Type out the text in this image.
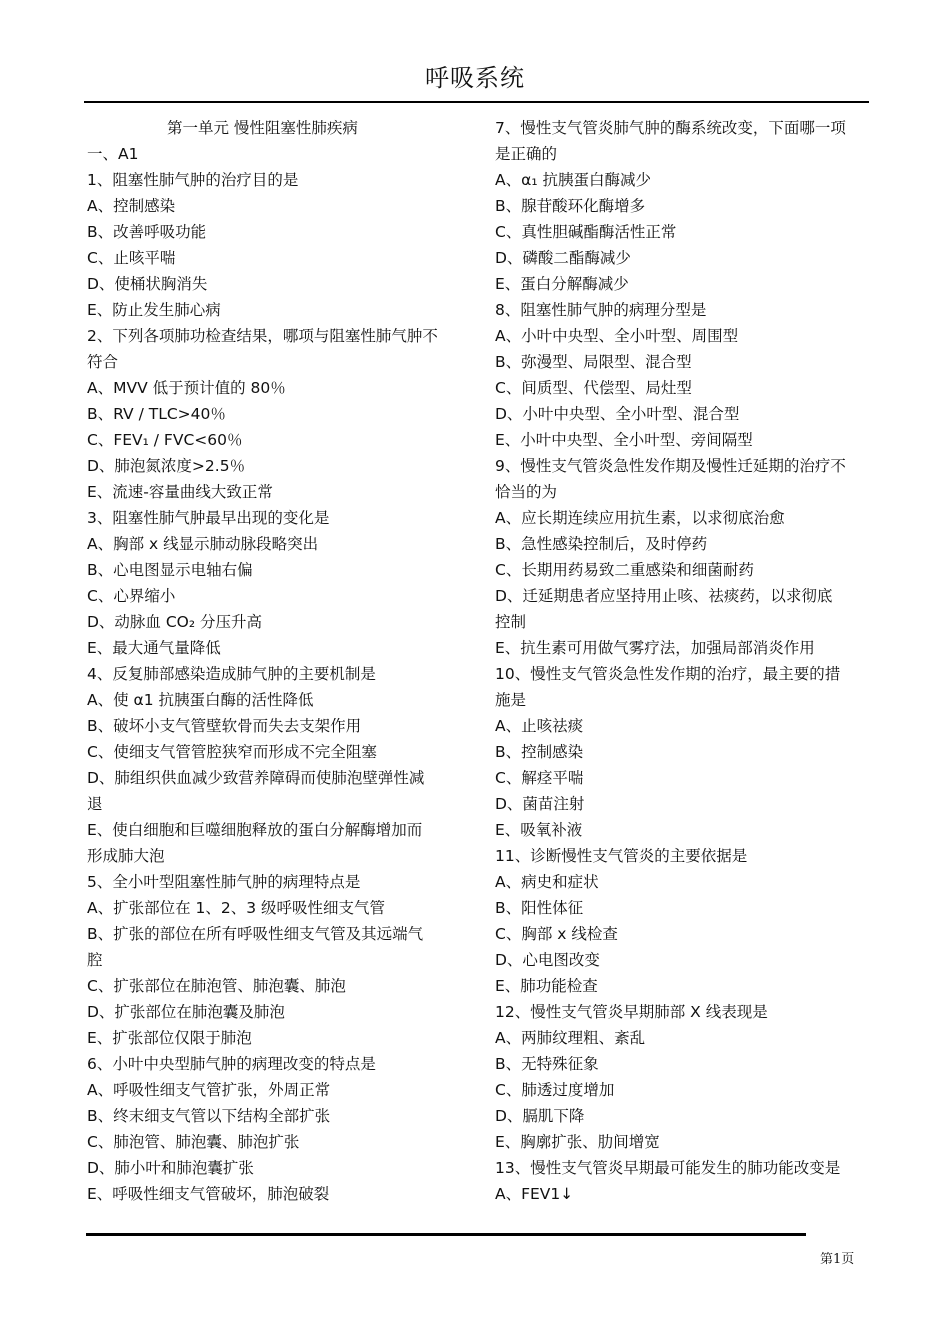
呼吸系统
第一单元 慢性阻塞性肺疾病
一、A1
1、阻塞性肺气肿的治疗目的是
A、控制感染
B、改善呼吸功能
C、止咳平喘
D、使桶状胸消失
E、防止发生肺心病
2、下列各项肺功检查结果，哪项与阻塞性肺气肿不
符合
A、MVV 低于预计值的 80％
B、RV / TLC>40％
C、FEV₁ / FVC<60％
D、肺泡氮浓度>2.5％
E、流速-容量曲线大致正常
3、阻塞性肺气肿最早出现的变化是
A、胸部 x 线显示肺动脉段略突出
B、心电图显示电轴右偏
C、心界缩小
D、动脉血 CO₂ 分压升高
E、最大通气量降低
4、反复肺部感染造成肺气肿的主要机制是
A、使 α1 抗胰蛋白酶的活性降低
B、破坏小支气管壁软骨而失去支架作用
C、使细支气管管腔狭窄而形成不完全阻塞
D、肺组织供血减少致营养障碍而使肺泡壁弹性减
退
E、使白细胞和巨噬细胞释放的蛋白分解酶增加而
形成肺大泡
5、全小叶型阻塞性肺气肿的病理特点是
A、扩张部位在 1、2、3 级呼吸性细支气管
B、扩张的部位在所有呼吸性细支气管及其远端气
腔
C、扩张部位在肺泡管、肺泡囊、肺泡
D、扩张部位在肺泡囊及肺泡
E、扩张部位仅限于肺泡
6、小叶中央型肺气肿的病理改变的特点是
A、呼吸性细支气管扩张，外周正常
B、终末细支气管以下结构全部扩张
C、肺泡管、肺泡囊、肺泡扩张
D、肺小叶和肺泡囊扩张
E、呼吸性细支气管破坏，肺泡破裂
7、慢性支气管炎肺气肿的酶系统改变，下面哪一项
是正确的
A、α₁ 抗胰蛋白酶减少
B、腺苷酸环化酶增多
C、真性胆碱酯酶活性正常
D、磷酸二酯酶减少
E、蛋白分解酶减少
8、阻塞性肺气肿的病理分型是
A、小叶中央型、全小叶型、周围型
B、弥漫型、局限型、混合型
C、间质型、代偿型、局灶型
D、小叶中央型、全小叶型、混合型
E、小叶中央型、全小叶型、旁间隔型
9、慢性支气管炎急性发作期及慢性迁延期的治疗不
恰当的为
A、应长期连续应用抗生素，以求彻底治愈
B、急性感染控制后，及时停药
C、长期用药易致二重感染和细菌耐药
D、迁延期患者应坚持用止咳、祛痰药，以求彻底
控制
E、抗生素可用做气雾疗法，加强局部消炎作用
10、慢性支气管炎急性发作期的治疗，最主要的措
施是
A、止咳祛痰
B、控制感染
C、解痉平喘
D、菌苗注射
E、吸氧补液
11、诊断慢性支气管炎的主要依据是
A、病史和症状
B、阳性体征
C、胸部 x 线检查
D、心电图改变
E、肺功能检查
12、慢性支气管炎早期肺部 X 线表现是
A、两肺纹理粗、紊乱
B、无特殊征象
C、肺透过度增加
D、膈肌下降
E、胸廓扩张、肋间增宽
13、慢性支气管炎早期最可能发生的肺功能改变是
A、FEV1↓
第1页
